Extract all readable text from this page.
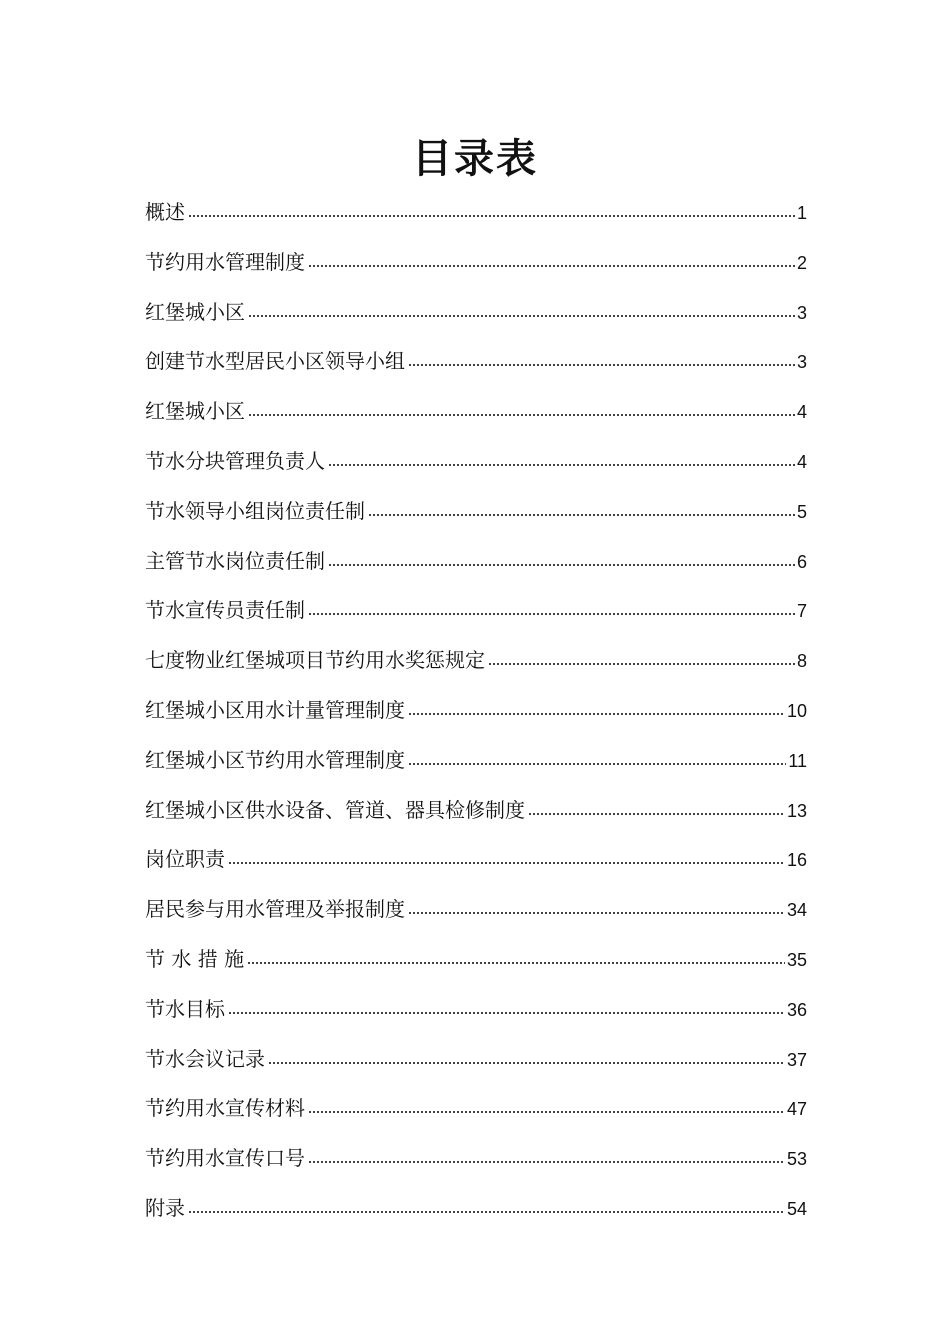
目录表
概述	1
节约用水管理制度	2
红堡城小区	3
创建节水型居民小区领导小组	3
红堡城小区	4
节水分块管理负责人	4
节水领导小组岗位责任制	5
主管节水岗位责任制	6
节水宣传员责任制	7
七度物业红堡城项目节约用水奖惩规定	8
红堡城小区用水计量管理制度	10
红堡城小区节约用水管理制度	11
红堡城小区供水设备、管道、器具检修制度	13
岗位职责	16
居民参与用水管理及举报制度	34
节 水 措 施	35
节水目标	36
节水会议记录	37
节约用水宣传材料	47
节约用水宣传口号	53
附录	54
